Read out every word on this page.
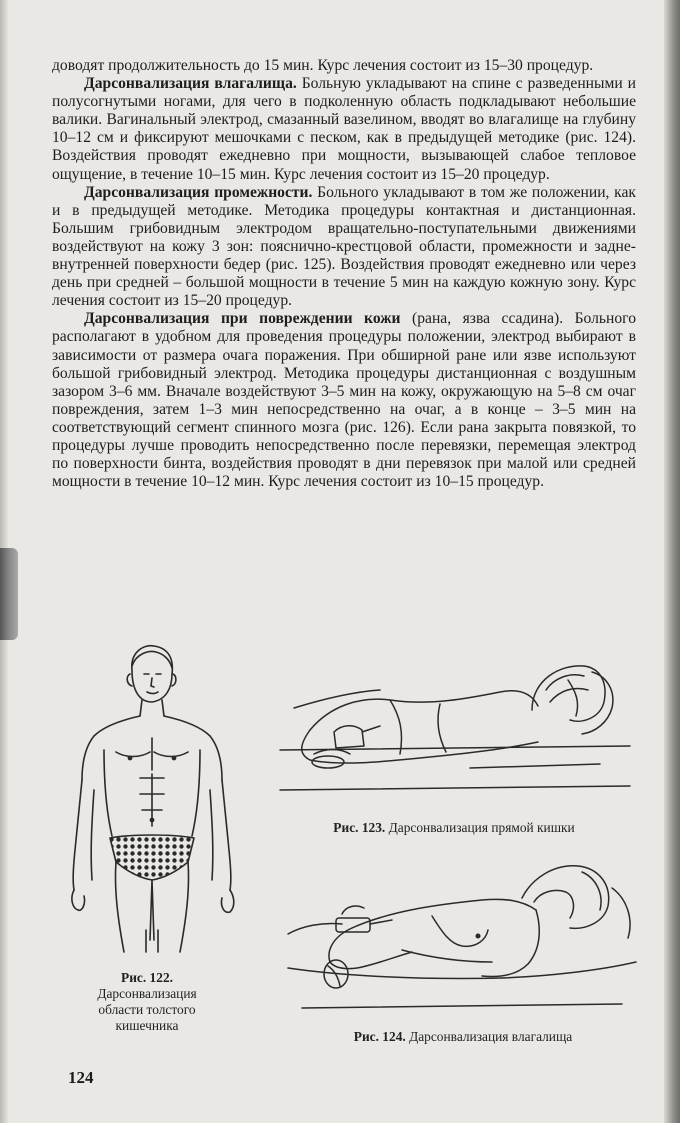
доводят продолжительность до 15 мин. Курс лечения состоит из 15–30 процедур.

Дарсонвализация влагалища. Больную укладывают на спине с разведенными и полусогнутыми ногами, для чего в подколенную область подкладывают небольшие валики. Вагинальный электрод, смазанный вазелином, вводят во влагалище на глубину 10–12 см и фиксируют мешочками с песком, как в предыдущей методике (рис. 124). Воздействия проводят ежедневно при мощности, вызывающей слабое тепловое ощущение, в течение 10–15 мин. Курс лечения состоит из 15–20 процедур.

Дарсонвализация промежности. Больного укладывают в том же положении, как и в предыдущей методике. Методика процедуры контактная и дистанционная. Большим грибовидным электродом вращательно-поступательными движениями воздействуют на кожу 3 зон: пояснично-крестцовой области, промежности и задне-внутренней поверхности бедер (рис. 125). Воздействия проводят ежедневно или через день при средней – большой мощности в течение 5 мин на каждую кожную зону. Курс лечения состоит из 15–20 процедур.

Дарсонвализация при повреждении кожи (рана, язва ссадина). Больного располагают в удобном для проведения процедуры положении, электрод выбирают в зависимости от размера очага поражения. При обширной ране или язве используют большой грибовидный электрод. Методика процедуры дистанционная с воздушным зазором 3–6 мм. Вначале воздействуют 3–5 мин на кожу, окружающую на 5–8 см очаг повреждения, затем 1–3 мин непосредственно на очаг, а в конце – 3–5 мин на соответствующий сегмент спинного мозга (рис. 126). Если рана закрыта повязкой, то процедуры лучше проводить непосредственно после перевязки, перемещая электрод по поверхности бинта, воздействия проводят в дни перевязок при малой или средней мощности в течение 10–12 мин. Курс лечения состоит из 10–15 процедур.

Рис. 122.
Дарсонвализация
области толстого
кишечника
Рис. 123. Дарсонвализация прямой кишки
Рис. 124. Дарсонвализация влагалища
124
